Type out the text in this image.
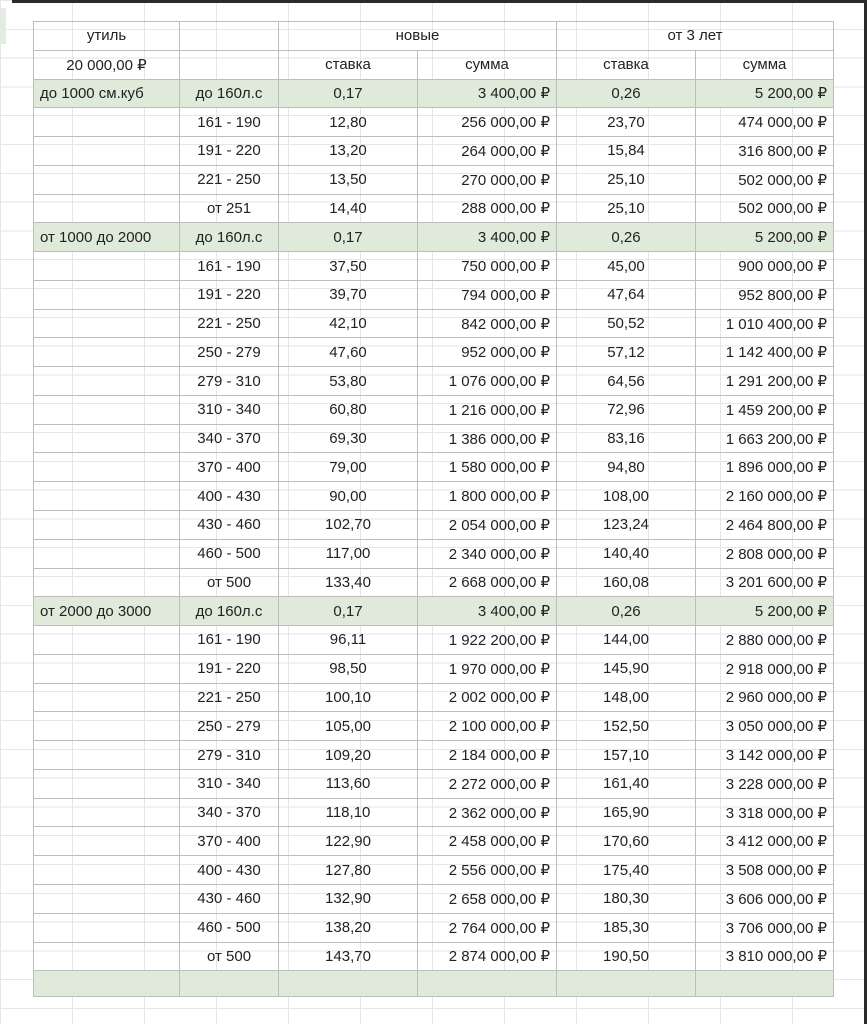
утиль		новые		от 3 лет	
20 000,00 ₽		ставка	сумма	ставка	сумма
до 1000 см.куб	до 160л.с	0,17	3 400,00 ₽	0,26	5 200,00 ₽
	161 - 190	12,80	256 000,00 ₽	23,70	474 000,00 ₽
	191 - 220	13,20	264 000,00 ₽	15,84	316 800,00 ₽
	221 - 250	13,50	270 000,00 ₽	25,10	502 000,00 ₽
	от 251	14,40	288 000,00 ₽	25,10	502 000,00 ₽
от 1000 до 2000	до 160л.с	0,17	3 400,00 ₽	0,26	5 200,00 ₽
	161 - 190	37,50	750 000,00 ₽	45,00	900 000,00 ₽
	191 - 220	39,70	794 000,00 ₽	47,64	952 800,00 ₽
	221 - 250	42,10	842 000,00 ₽	50,52	1 010 400,00 ₽
	250 - 279	47,60	952 000,00 ₽	57,12	1 142 400,00 ₽
	279 - 310	53,80	1 076 000,00 ₽	64,56	1 291 200,00 ₽
	310 - 340	60,80	1 216 000,00 ₽	72,96	1 459 200,00 ₽
	340 - 370	69,30	1 386 000,00 ₽	83,16	1 663 200,00 ₽
	370 - 400	79,00	1 580 000,00 ₽	94,80	1 896 000,00 ₽
	400 - 430	90,00	1 800 000,00 ₽	108,00	2 160 000,00 ₽
	430 - 460	102,70	2 054 000,00 ₽	123,24	2 464 800,00 ₽
	460 - 500	117,00	2 340 000,00 ₽	140,40	2 808 000,00 ₽
	от 500	133,40	2 668 000,00 ₽	160,08	3 201 600,00 ₽
от 2000 до 3000	до 160л.с	0,17	3 400,00 ₽	0,26	5 200,00 ₽
	161 - 190	96,11	1 922 200,00 ₽	144,00	2 880 000,00 ₽
	191 - 220	98,50	1 970 000,00 ₽	145,90	2 918 000,00 ₽
	221 - 250	100,10	2 002 000,00 ₽	148,00	2 960 000,00 ₽
	250 - 279	105,00	2 100 000,00 ₽	152,50	3 050 000,00 ₽
	279 - 310	109,20	2 184 000,00 ₽	157,10	3 142 000,00 ₽
	310 - 340	113,60	2 272 000,00 ₽	161,40	3 228 000,00 ₽
	340 - 370	118,10	2 362 000,00 ₽	165,90	3 318 000,00 ₽
	370 - 400	122,90	2 458 000,00 ₽	170,60	3 412 000,00 ₽
	400 - 430	127,80	2 556 000,00 ₽	175,40	3 508 000,00 ₽
	430 - 460	132,90	2 658 000,00 ₽	180,30	3 606 000,00 ₽
	460 - 500	138,20	2 764 000,00 ₽	185,30	3 706 000,00 ₽
	от 500	143,70	2 874 000,00 ₽	190,50	3 810 000,00 ₽
